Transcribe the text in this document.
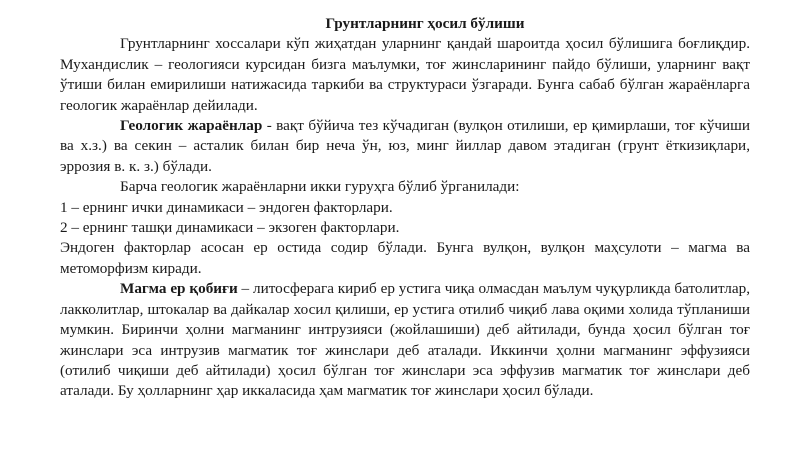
Грунтларнинг ҳосил бўлиши

Грунтларнинг хоссалари кўп жиҳатдан уларнинг қандай шароитда ҳосил бўлишига боғлиқдир. Мухандислик – геологияси курсидан бизга маълумки, тоғ жинсларининг пайдо бўлиши, уларнинг вақт ўтиши билан емирилиши натижасида таркиби ва структураси ўзгаради. Бунга сабаб бўлган жараёнларга геологик жараёнлар дейилади.

Геологик жараёнлар - вақт бўйича тез кўчадиган (вулқон отилиши, ер қимирлаши, тоғ кўчиши ва х.з.) ва секин – асталик билан бир неча ўн, юз, минг йиллар давом этадиган (грунт ёткизиқлари, эррозия в. к. з.) бўлади.

Барча геологик жараёнларни икки гуруҳга бўлиб ўрганилади:

1 – ернинг ички динамикаси – эндоген факторлари.

2 – ернинг ташқи динамикаси – экзоген факторлари.

Эндоген факторлар асосан ер остида содир бўлади. Бунга вулқон, вулқон маҳсулоти – магма ва метоморфизм киради.

Магма ер қобиғи – литосферага кириб ер устига чиқа олмасдан маълум чуқурликда батолитлар, лакколитлар, штокалар ва дайкалар хосил қилиши, ер устига отилиб чиқиб лава оқими холида тўпланиши мумкин. Биринчи ҳолни магманинг интрузияси (жойлашиши) деб айтилади, бунда ҳосил бўлган тоғ жинслари эса интрузив магматик тоғ жинслари деб аталади. Иккинчи ҳолни магманинг эффузияси (отилиб чиқиши деб айтилади) ҳосил бўлган тоғ жинслари эса эффузив магматик тоғ жинслари деб аталади. Бу ҳолларнинг ҳар иккаласида ҳам магматик тоғ жинслари ҳосил бўлади.
